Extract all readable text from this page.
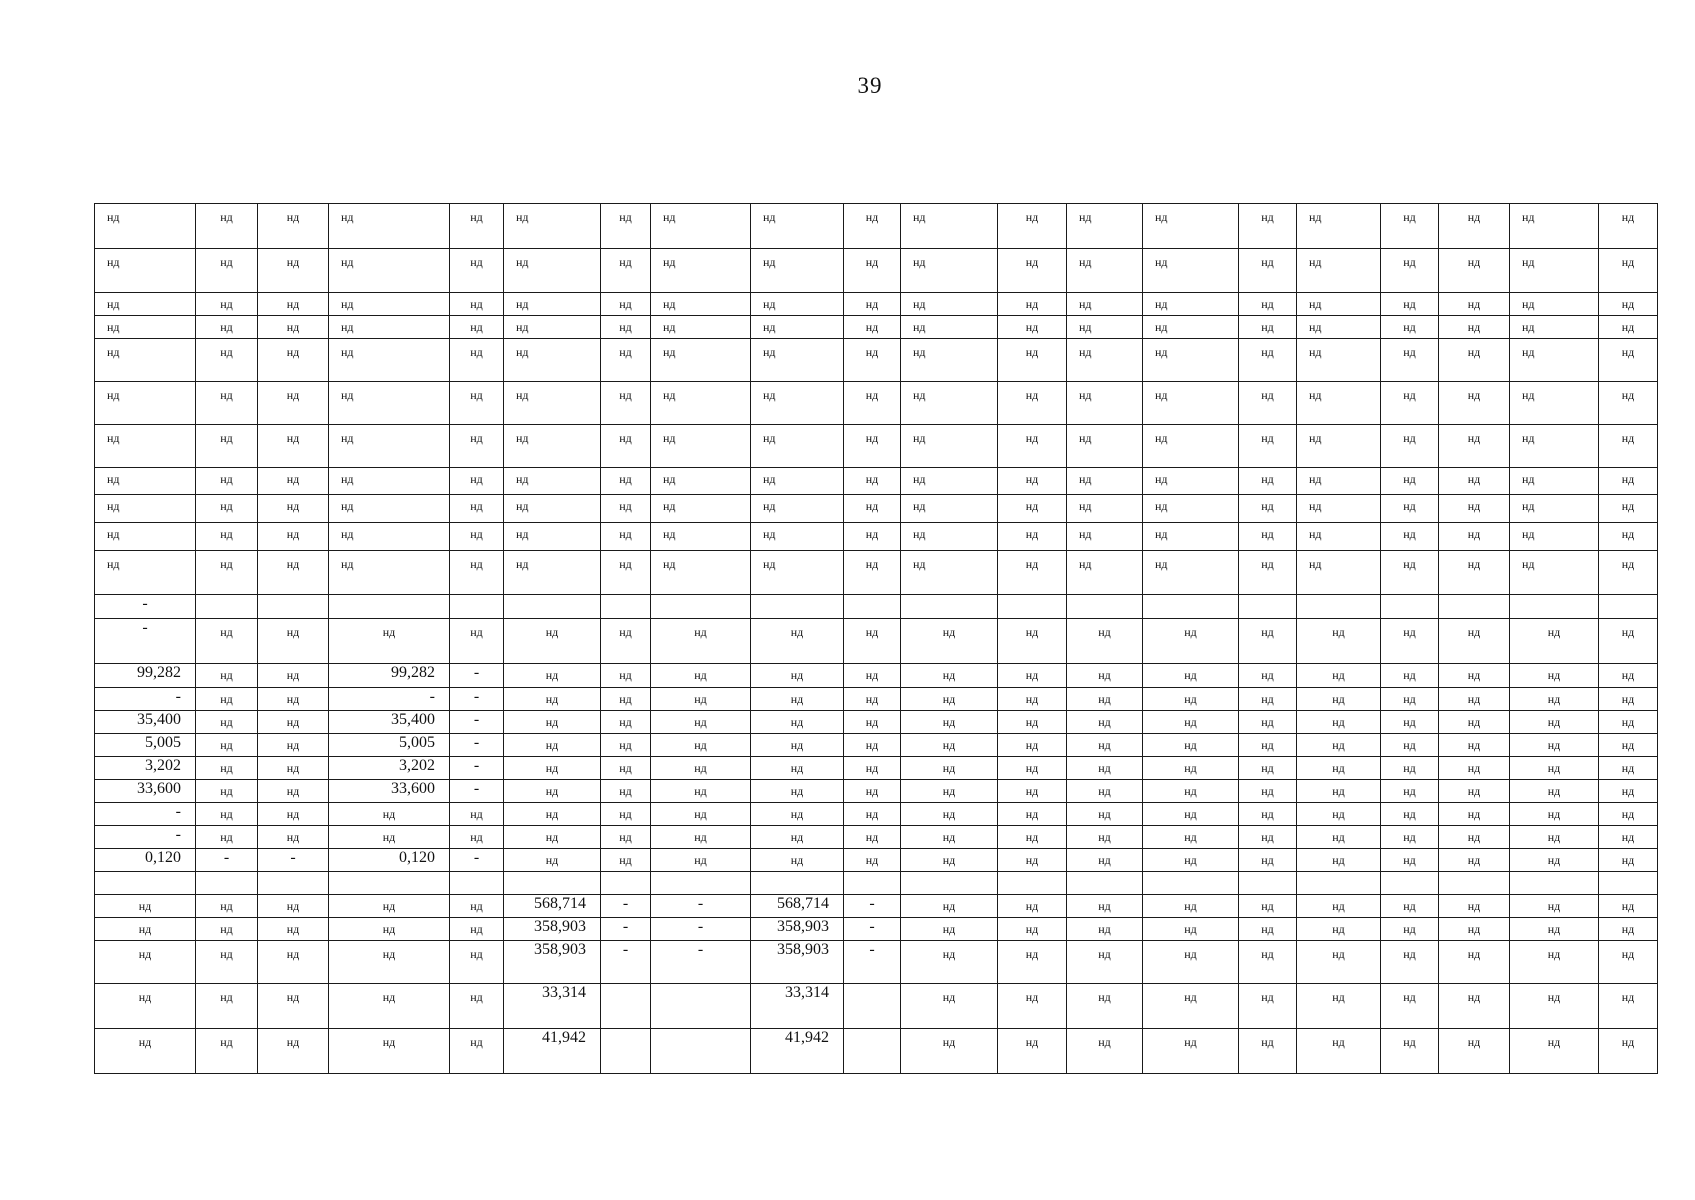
39
нд	нд	нд	нд	нд	нд	нд	нд	нд	нд	нд	нд	нд	нд	нд	нд	нд	нд	нд	нд
нд	нд	нд	нд	нд	нд	нд	нд	нд	нд	нд	нд	нд	нд	нд	нд	нд	нд	нд	нд
нд	нд	нд	нд	нд	нд	нд	нд	нд	нд	нд	нд	нд	нд	нд	нд	нд	нд	нд	нд
нд	нд	нд	нд	нд	нд	нд	нд	нд	нд	нд	нд	нд	нд	нд	нд	нд	нд	нд	нд
нд	нд	нд	нд	нд	нд	нд	нд	нд	нд	нд	нд	нд	нд	нд	нд	нд	нд	нд	нд
нд	нд	нд	нд	нд	нд	нд	нд	нд	нд	нд	нд	нд	нд	нд	нд	нд	нд	нд	нд
нд	нд	нд	нд	нд	нд	нд	нд	нд	нд	нд	нд	нд	нд	нд	нд	нд	нд	нд	нд
нд	нд	нд	нд	нд	нд	нд	нд	нд	нд	нд	нд	нд	нд	нд	нд	нд	нд	нд	нд
нд	нд	нд	нд	нд	нд	нд	нд	нд	нд	нд	нд	нд	нд	нд	нд	нд	нд	нд	нд
нд	нд	нд	нд	нд	нд	нд	нд	нд	нд	нд	нд	нд	нд	нд	нд	нд	нд	нд	нд
нд	нд	нд	нд	нд	нд	нд	нд	нд	нд	нд	нд	нд	нд	нд	нд	нд	нд	нд	нд
-																			
-	нд	нд	нд	нд	нд	нд	нд	нд	нд	нд	нд	нд	нд	нд	нд	нд	нд	нд	нд
99,282	нд	нд	99,282	-	нд	нд	нд	нд	нд	нд	нд	нд	нд	нд	нд	нд	нд	нд	нд
-	нд	нд	-	-	нд	нд	нд	нд	нд	нд	нд	нд	нд	нд	нд	нд	нд	нд	нд
35,400	нд	нд	35,400	-	нд	нд	нд	нд	нд	нд	нд	нд	нд	нд	нд	нд	нд	нд	нд
5,005	нд	нд	5,005	-	нд	нд	нд	нд	нд	нд	нд	нд	нд	нд	нд	нд	нд	нд	нд
3,202	нд	нд	3,202	-	нд	нд	нд	нд	нд	нд	нд	нд	нд	нд	нд	нд	нд	нд	нд
33,600	нд	нд	33,600	-	нд	нд	нд	нд	нд	нд	нд	нд	нд	нд	нд	нд	нд	нд	нд
-	нд	нд	нд	нд	нд	нд	нд	нд	нд	нд	нд	нд	нд	нд	нд	нд	нд	нд	нд
-	нд	нд	нд	нд	нд	нд	нд	нд	нд	нд	нд	нд	нд	нд	нд	нд	нд	нд	нд
0,120	-	-	0,120	-	нд	нд	нд	нд	нд	нд	нд	нд	нд	нд	нд	нд	нд	нд	нд

нд	нд	нд	нд	нд	568,714	-	-	568,714	-	нд	нд	нд	нд	нд	нд	нд	нд	нд	нд
нд	нд	нд	нд	нд	358,903	-	-	358,903	-	нд	нд	нд	нд	нд	нд	нд	нд	нд	нд
нд	нд	нд	нд	нд	358,903	-	-	358,903	-	нд	нд	нд	нд	нд	нд	нд	нд	нд	нд
нд	нд	нд	нд	нд	33,314			33,314		нд	нд	нд	нд	нд	нд	нд	нд	нд	нд
нд	нд	нд	нд	нд	41,942			41,942		нд	нд	нд	нд	нд	нд	нд	нд	нд	нд
